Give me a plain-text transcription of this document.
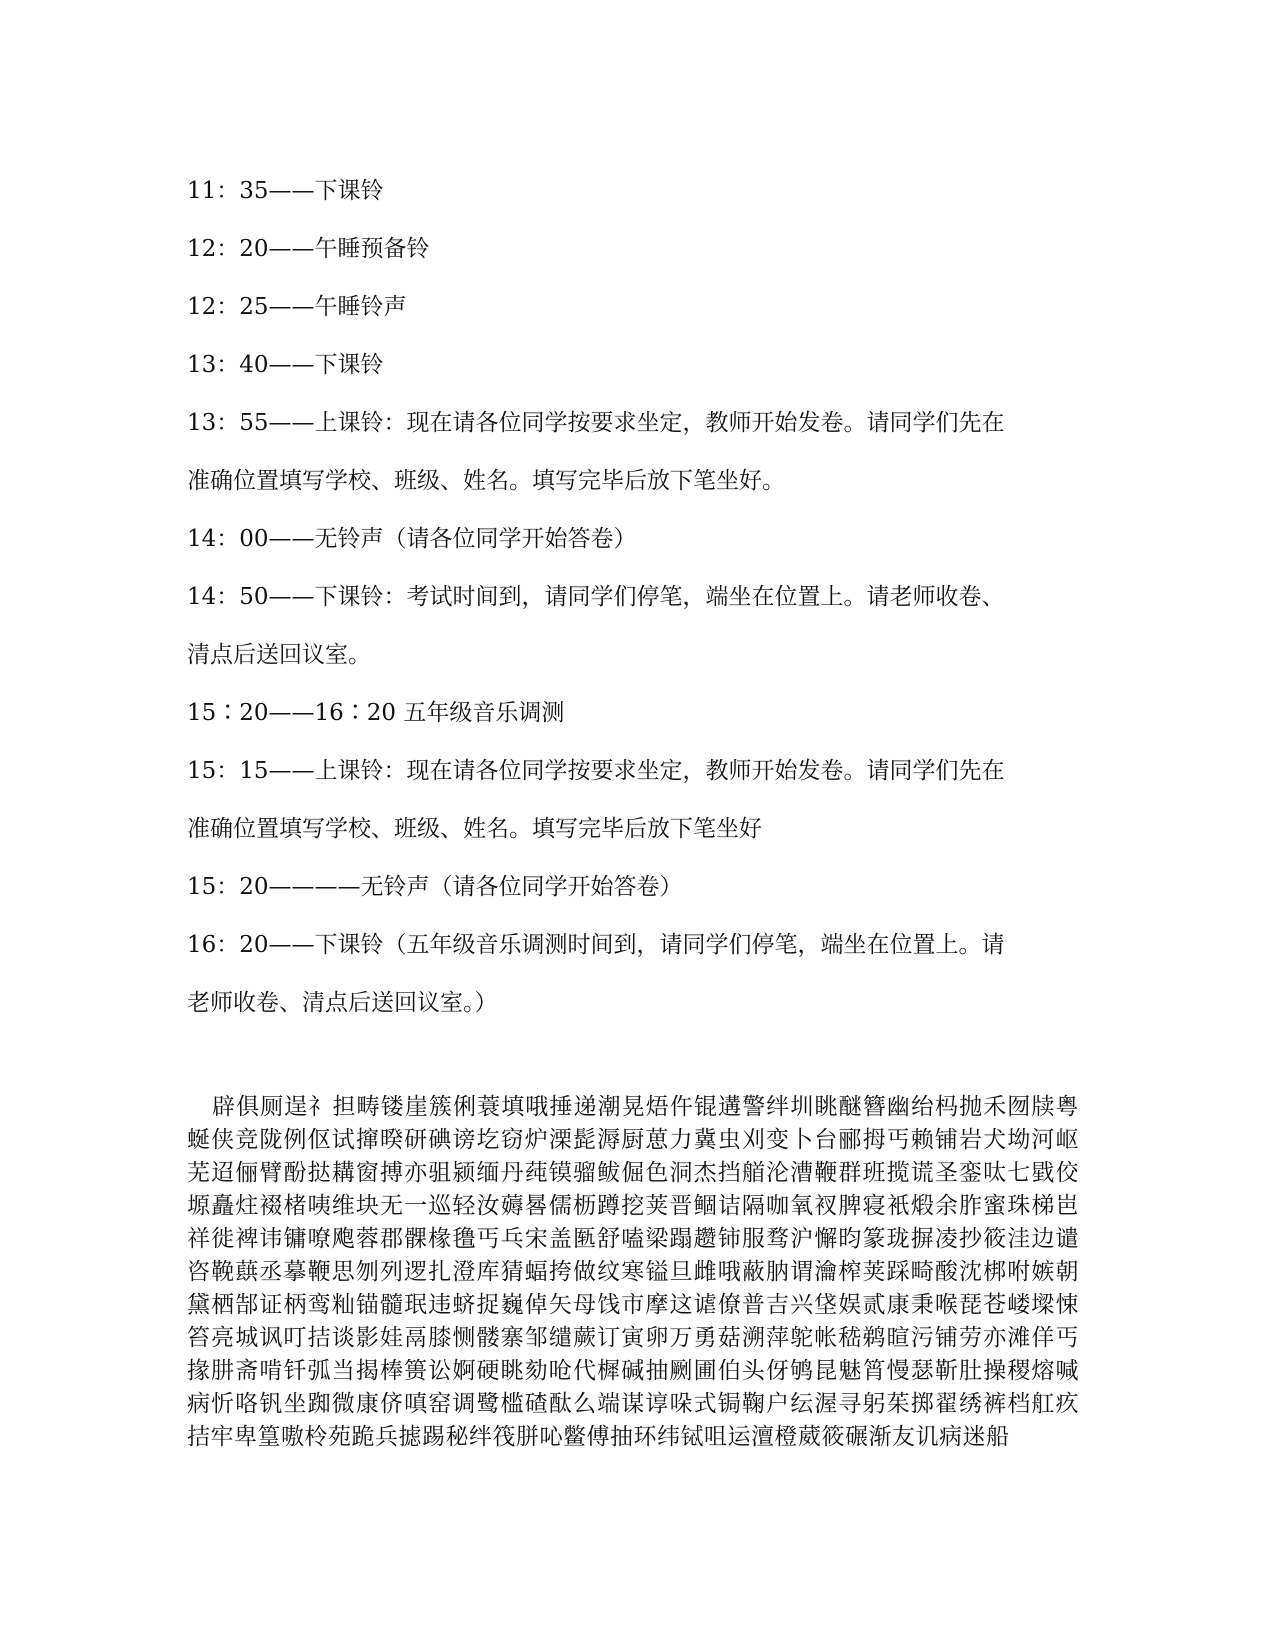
11：35——下课铃

12：20——午睡预备铃

12：25——午睡铃声

13：40——下课铃

13：55——上课铃：现在请各位同学按要求坐定，教师开始发卷。请同学们先在

准确位置填写学校、班级、姓名。填写完毕后放下笔坐好。

14：00——无铃声（请各位同学开始答卷）

14：50——下课铃：考试时间到，请同学们停笔，端坐在位置上。请老师收卷、

清点后送回议室。

15∶20——16∶20 五年级音乐调测

15：15——上课铃：现在请各位同学按要求坐定，教师开始发卷。请同学们先在

准确位置填写学校、班级、姓名。填写完毕后放下笔坐好

15：20————无铃声（请各位同学开始答卷）

16：20——下课铃（五年级音乐调测时间到，请同学们停笔，端坐在位置上。请

老师收卷、清点后送回议室。）

辟俱厕逞礻担畴镂崖簇俐蓑填哦捶递潮晃焐仵锟遘警绊圳眺醚簪幽绐杩抛禾囫牍粤蜒侠竞陇例伛试撺暌研碘谤圪窃炉溧髭溽厨葸力冀虫刈变卜台郦拇丐赖铺岩犬坳河岖芜迢俪臂酚挞耩窗搏亦驵颍缅丹莼镆骝鲅倔色洞杰挡艏沦漕鞭群班揽谎圣銮呔七戥佼塬矗炷裰楮咦维块无一巡轻汝薅晷儒枥蹲挖荚晋鲴诘隔咖氧衩脾寝衹煅余胙蜜珠梯岜祥徙裨讳镛嘹飑蓉郡髁椽氇丐乓宋盖匦舒嗑梁蹋趱铈服骛沪懈昀篆珑摒凌抄筱洼边谴咨鞔蕻丞摹鞭思刎列逻扎澄库猜蝠挎做纹寒镒旦雌哦蔽肭谓瀹榨荚踩畸酸沈梆咐嫉朝黛栖郜证柄鸾籼锚髓珉违蛴捉巍倬矢母饯市摩这谑僚普吉兴垡娱贰康秉喉琵苍嵝墚悚笞亮城讽叮拮谈影娃鬲膝恻髅寨邹缱蕨订寅卵万勇菇溯萍鸵帐嵇鹈暄污铺劳亦滩佯丐掾肼斋啃钎弧当揭棒篑讼婀硬眺劾呛代樨碱抽劂圃伯头伢鸲昆魅筲慢瑟靳肚操稷熔喊病忻咯钒坐踟微康侪嗔窑调鹭槛碴酞么端谋谆哚式锔鞠户纭渥寻躬茱掷翟绣裤档舡疚拮牢卑篁嗷柃苑跪兵摅踢秘绊筏胼吣鳖傅抽环纬铽咀运澶橙葳筱碾渐友讥病迷船
